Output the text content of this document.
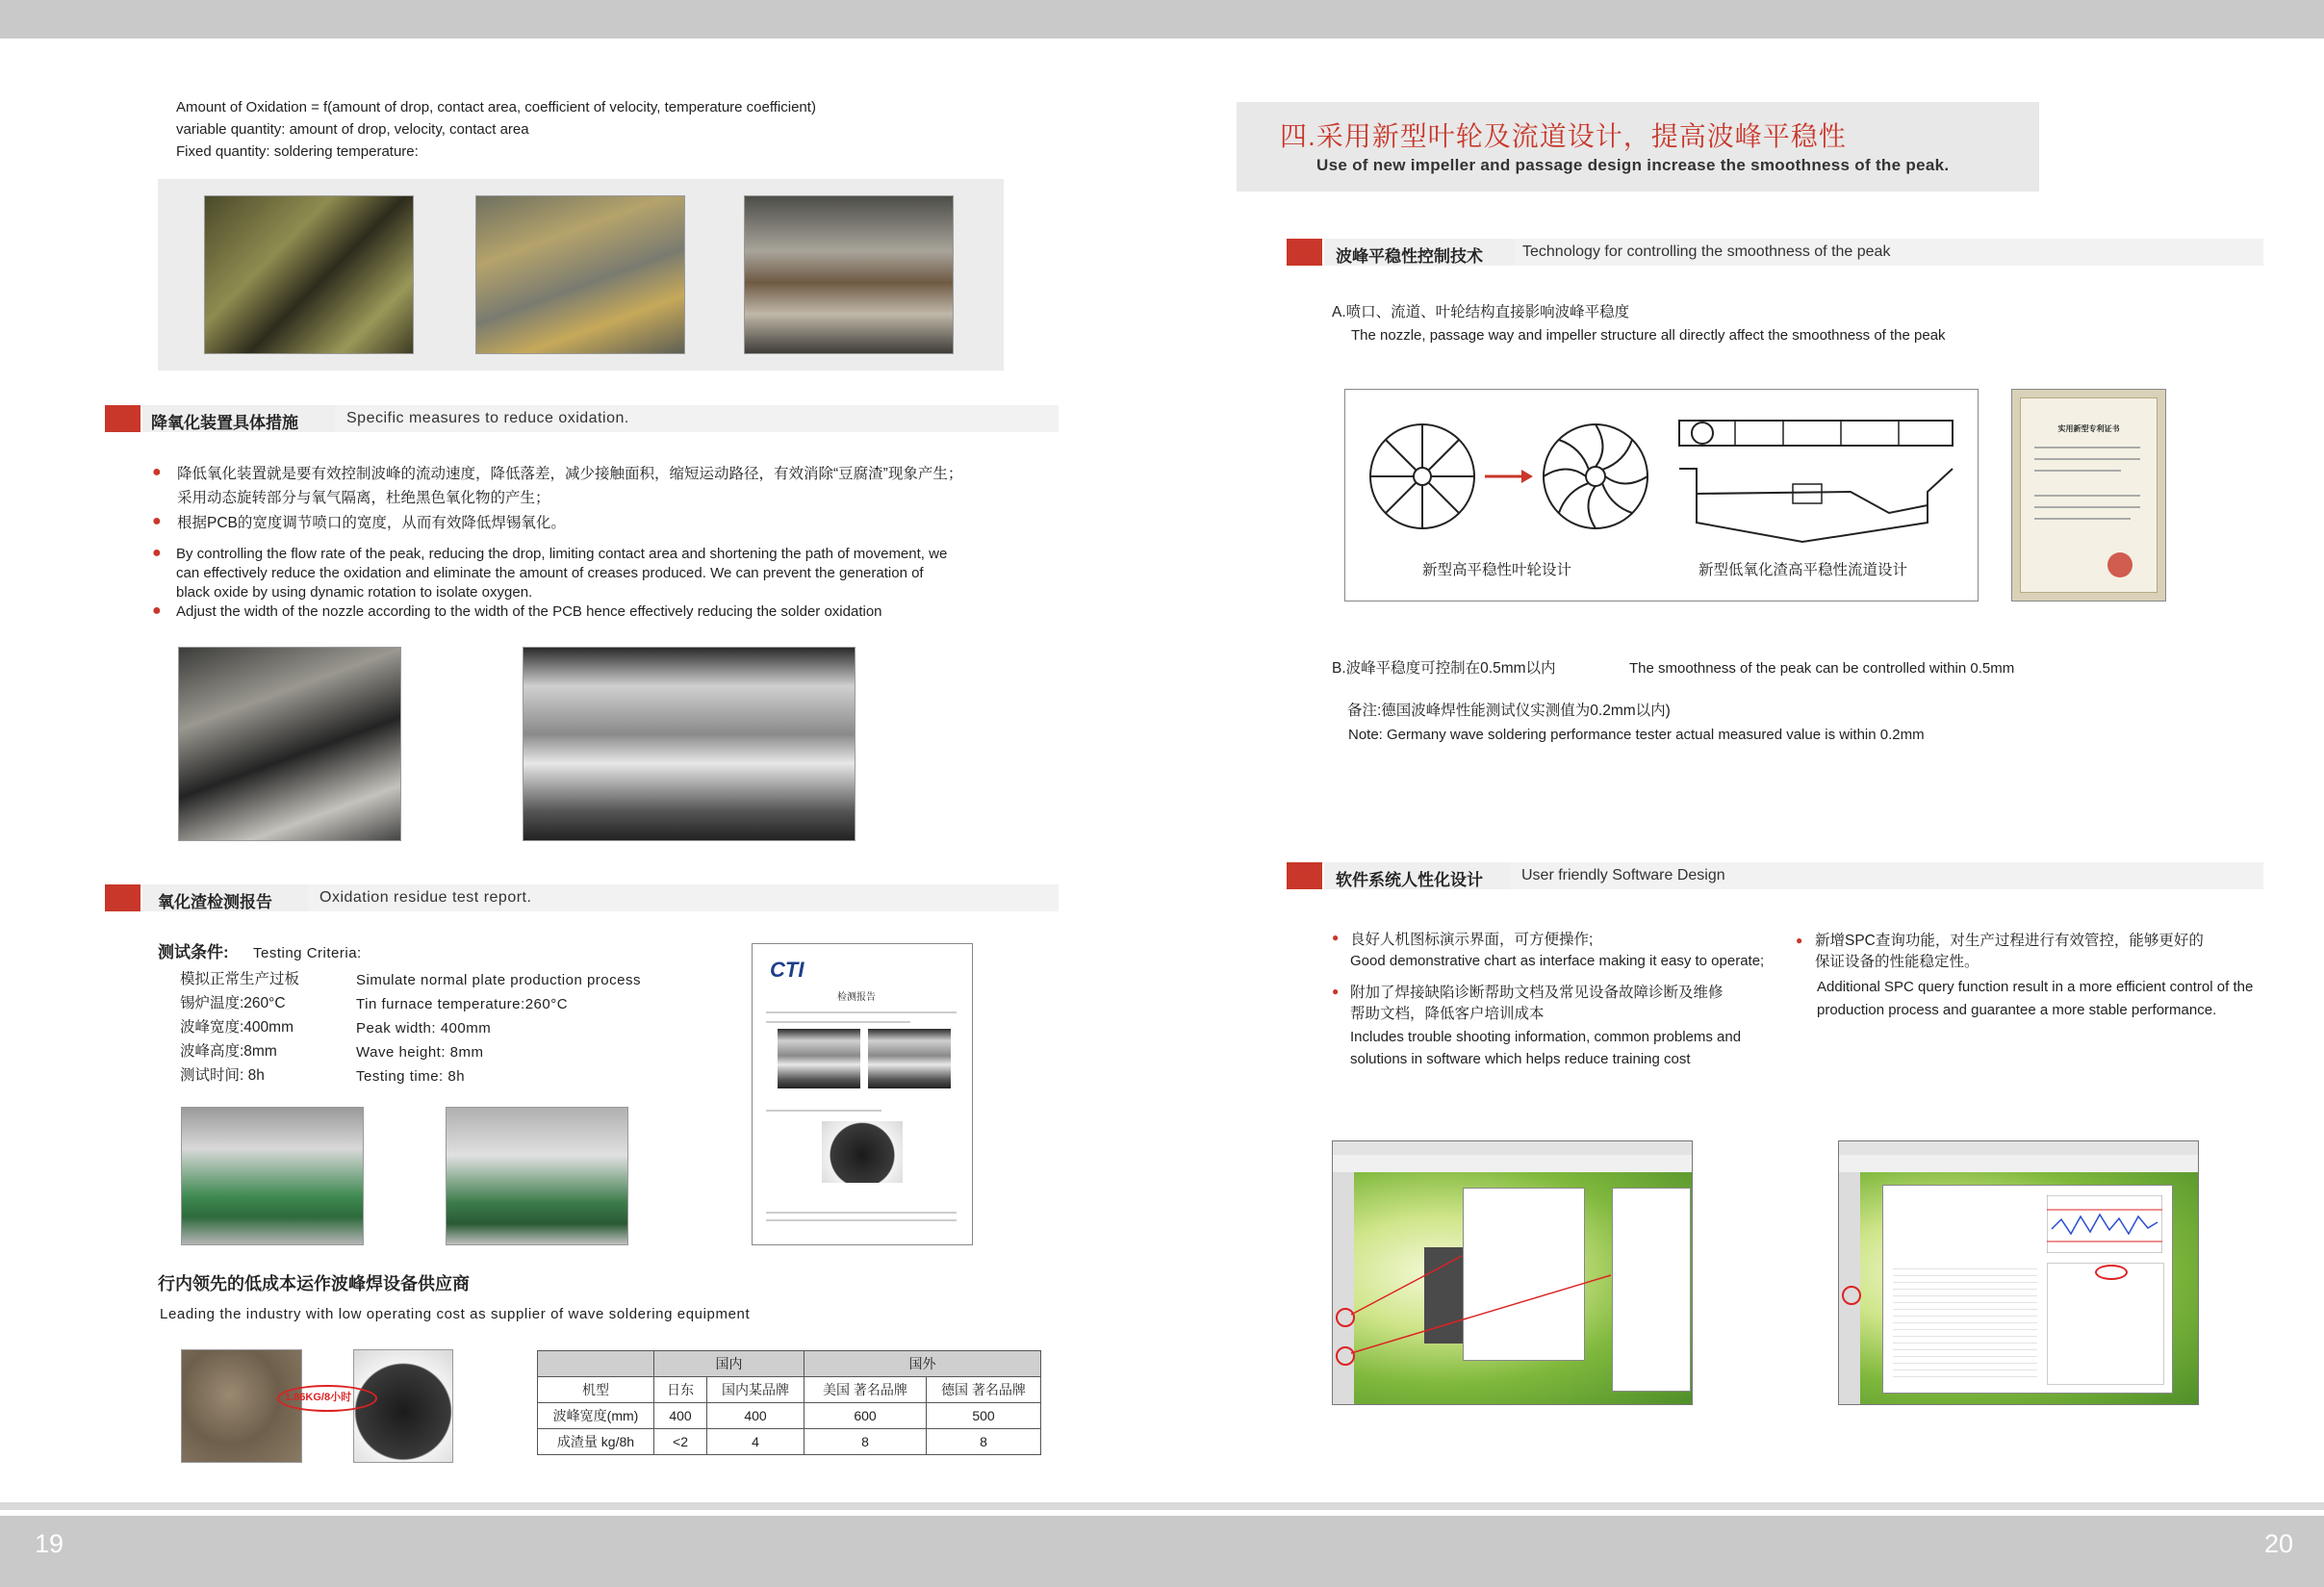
19	20
Amount of Oxidation = f(amount of drop, contact area, coefficient of velocity, temperature coefficient)
variable quantity: amount of drop, velocity, contact area
Fixed quantity: soldering temperature:
降氧化装置具体措施	Specific measures to reduce oxidation.
● 降低氧化装置就是要有效控制波峰的流动速度，降低落差，减少接触面积，缩短运动路径，有效消除“豆腐渣”现象产生；
采用动态旋转部分与氧气隔离，杜绝黑色氧化物的产生；
● 根据PCB的宽度调节喷口的宽度，从而有效降低焊锡氧化。
● By controlling the flow rate of the peak, reducing the drop, limiting contact area and shortening the path of movement, we
can effectively reduce the oxidation and eliminate the amount of creases produced. We can prevent the generation of
black oxide by using dynamic rotation to isolate oxygen.
● Adjust the width of the nozzle according to the width of the PCB hence effectively reducing the solder oxidation
氧化渣检测报告	Oxidation residue test report.
测试条件: Testing Criteria:
模拟正常生产过板	Simulate normal plate production process
锡炉温度:260°C	Tin furnace temperature:260°C
波峰宽度:400mm	Peak width: 400mm
波峰高度:8mm	Wave height: 8mm
测试时间: 8h	Testing time: 8h
CTI
检测报告
行内领先的低成本运作波峰焊设备供应商
Leading the industry with low operating cost as supplier of wave soldering equipment
1.86KG/8小时
	国内		国外	
机型	日东	国内某品牌	美国 著名品牌	德国 著名品牌
波峰宽度(mm)	400	400	600	500
成渣量 kg/8h	<2	4	8	8
四.采用新型叶轮及流道设计，提高波峰平稳性
Use of new impeller and passage design increase the smoothness of the peak.
波峰平稳性控制技术	Technology for controlling the smoothness of the peak
A.喷口、流道、叶轮结构直接影响波峰平稳度
The nozzle, passage way and impeller structure all directly affect the smoothness of the peak
新型高平稳性叶轮设计	新型低氧化渣高平稳性流道设计
实用新型专利证书
B.波峰平稳度可控制在0.5mm以内	The smoothness of the peak can be controlled within 0.5mm
备注:德国波峰焊性能测试仪实测值为0.2mm以内)
Note: Germany wave soldering performance tester actual measured value is within 0.2mm
软件系统人性化设计	User friendly Software Design
● 良好人机图标演示界面，可方便操作;
Good demonstrative chart as interface making it easy to operate;
● 附加了焊接缺陷诊断帮助文档及常见设备故障诊断及维修
帮助文档，降低客户培训成本
Includes trouble shooting information, common problems and
solutions in software which helps reduce training cost
● 新增SPC查询功能，对生产过程进行有效管控，能够更好的
保证设备的性能稳定性。
Additional SPC query function result in a more efficient control of the
production process and guarantee a more stable performance.
